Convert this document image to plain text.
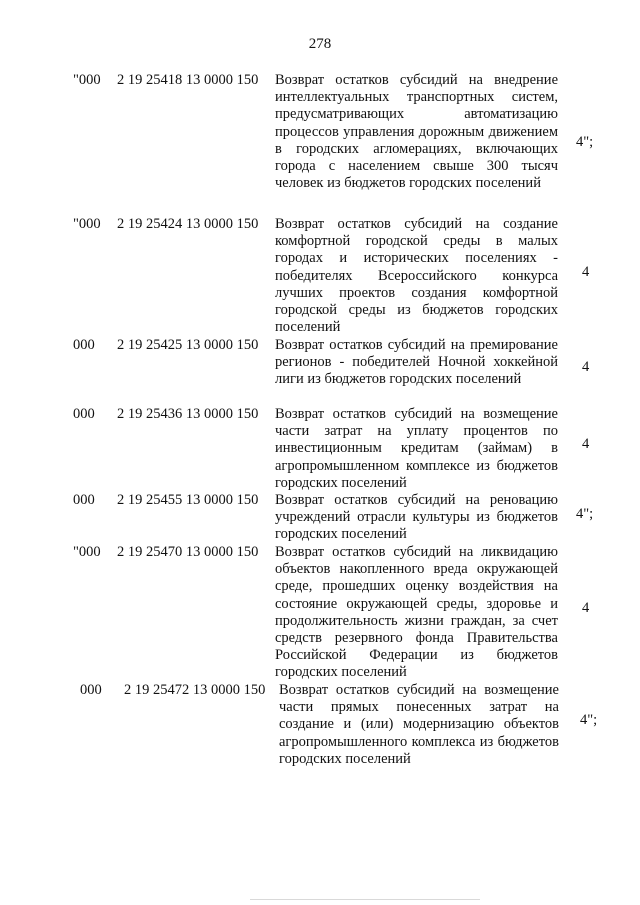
278
"000 2 19 25418 13 0000 150 Возврат остатков субсидий на внедрение интеллектуальных транспортных систем, предусматривающих автоматизацию процессов управления дорожным движением в городских агломерациях, включающих города с населением свыше 300 тысяч человек из бюджетов городских поселений
4";
"000 2 19 25424 13 0000 150 Возврат остатков субсидий на создание комфортной городской среды в малых городах и исторических поселениях - победителях Всероссийского конкурса лучших проектов создания комфортной городской среды из бюджетов городских поселений
4
000 2 19 25425 13 0000 150 Возврат остатков субсидий на премирование регионов - победителей Ночной хоккейной лиги из бюджетов городских поселений
4
000 2 19 25436 13 0000 150 Возврат остатков субсидий на возмещение части затрат на уплату процентов по инвестиционным кредитам (займам) в агропромышленном комплексе из бюджетов городских поселений
4
000 2 19 25455 13 0000 150 Возврат остатков субсидий на реновацию учреждений отрасли культуры из бюджетов городских поселений
4";
"000 2 19 25470 13 0000 150 Возврат остатков субсидий на ликвидацию объектов накопленного вреда окружающей среде, прошедших оценку воздействия на состояние окружающей среды, здоровье и продолжительность жизни граждан, за счет средств резервного фонда Правительства Российской Федерации из бюджетов городских поселений
4
000 2 19 25472 13 0000 150 Возврат остатков субсидий на возмещение части прямых понесенных затрат на создание и (или) модернизацию объектов агропромышленного комплекса из бюджетов городских поселений
4";
